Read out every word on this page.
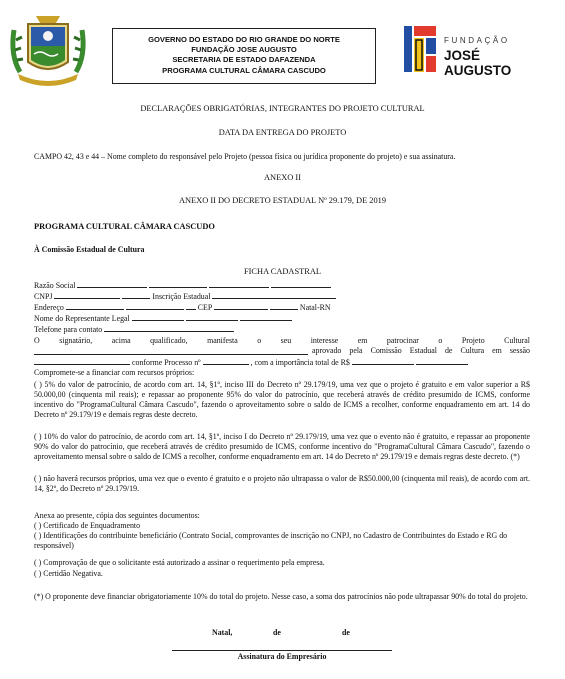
GOVERNO DO ESTADO DO RIO GRANDE DO NORTE
FUNDAÇÃO JOSE AUGUSTO
SECRETARIA DE ESTADO DAFAZENDA
PROGRAMA CULTURAL CÂMARA CASCUDO
FUNDAÇÃO
JOSÉ AUGUSTO
DECLARAÇÕES OBRIGATÓRIAS, INTEGRANTES DO PROJETO CULTURAL
DATA DA ENTREGA DO PROJETO
CAMPO 42, 43 e 44 – Nome completo do responsável pelo Projeto (pessoa física ou jurídica proponente do projeto) e sua assinatura.
ANEXO II
ANEXO II DO DECRETO ESTADUAL Nº 29.179, DE 2019
PROGRAMA CULTURAL CÂMARA CASCUDO
À Comissão Estadual de Cultura
FICHA CADASTRAL
Razão Social
CNPJ	Inscrição Estadual
Endereço	CEP	Natal-RN
Nome do Representante Legal
Telefone para contato
O signatário, acima qualificado, manifesta o seu interesse em patrocinar o Projeto Cultural
aprovado pela Comissão Estadual de Cultura em sessão
conforme Processo nº	, com a importância total de R$
Compromete-se a financiar com recursos próprios:
( ) 5% do valor de patrocínio, de acordo com art. 14, §1º, inciso III do Decreto nº 29.179/19, uma vez que o projeto é gratuito e em valor superior a R$ 50.000,00 (cinquenta mil reais); e repassar ao proponente 95% do valor do patrocínio, que receberá através de crédito presumido de ICMS, conforme incentivo do "ProgramaCultural Câmara Cascudo", fazendo o aproveitamento sobre o saldo de ICMS a recolher, conforme enquadramento em art. 14 do Decreto nº 29.179/19 e demais regras deste decreto.
( ) 10% do valor do patrocínio, de acordo com art. 14, §1º, inciso I do Decreto nº 29.179/19, uma vez que o evento não é gratuito, e repassar ao proponente 90% do valor do patrocínio, que receberá através de crédito presumido de ICMS, conforme incentivo do "ProgramaCultural Câmara Cascudo", fazendo o aproveitamento mensal sobre o saldo de ICMS a recolher, conforme enquadramento em art. 14 do Decreto nº 29.179/19 e demais regras deste decreto. (*)
( ) não haverá recursos próprios, uma vez que o evento é gratuito e o projeto não ultrapassa o valor de R$50.000,00 (cinquenta mil reais), de acordo com art. 14, §2º, do Decreto nº 29.179/19.
Anexa ao presente, cópia dos seguintes documentos:
( ) Certificado de Enquadramento
( ) Identificações do contribuinte beneficiário (Contrato Social, comprovantes de inscrição no CNPJ, no Cadastro de Contribuintes do Estado e RG do responsável)
( ) Comprovação de que o solicitante está autorizado a assinar o requerimento pela empresa.
( ) Certidão Negativa.
(*) O proponente deve financiar obrigatoriamente 10% do total do projeto. Nesse caso, a soma dos patrocínios não pode ultrapassar 90% do total do projeto.
Natal,	de	de
Assinatura do Empresário
